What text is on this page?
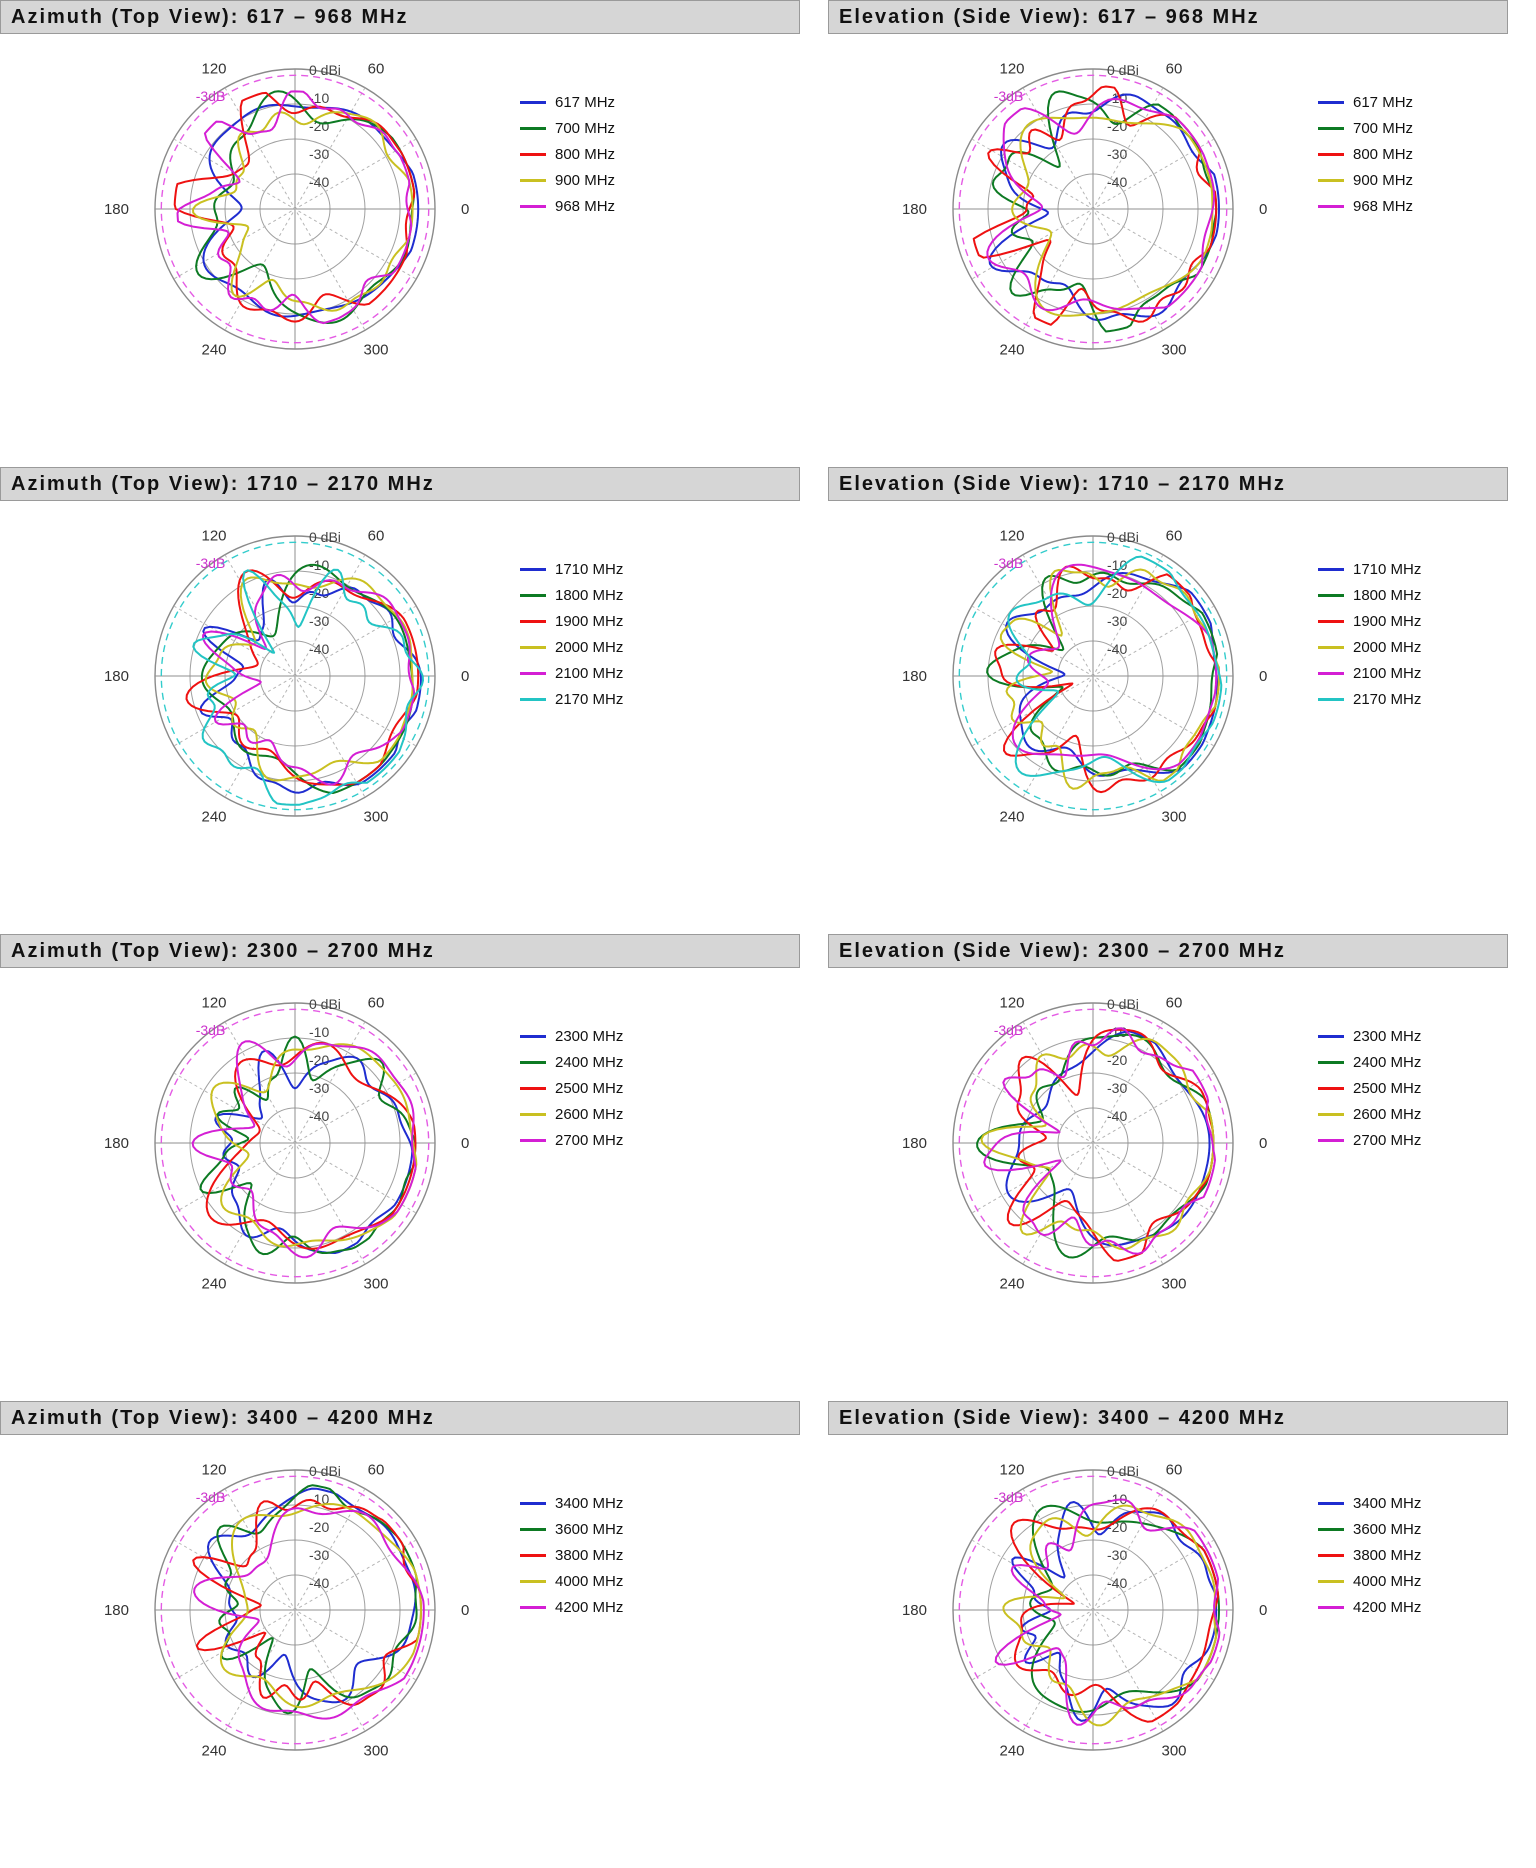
Azimuth (Top View): 617 – 968 MHz
0
60
120
180
240	300
0 dBi
-10
-20
-30
-40
-3dB	617 MHz
700 MHz
800 MHz
900 MHz
968 MHz
Elevation (Side View): 617 – 968 MHz
0
60
120
180
240	300
0 dBi
-10
-20
-30
-40
-3dB	617 MHz
700 MHz
800 MHz
900 MHz
968 MHz
Azimuth (Top View): 1710 – 2170 MHz
0
60
120
180
240	300
0 dBi
-10
-20
-30
-40
-3dB	1710 MHz
1800 MHz
1900 MHz
2000 MHz
2100 MHz
2170 MHz
Elevation (Side View): 1710 – 2170 MHz
0
60
120
180
240	300
0 dBi
-10
-20
-30
-40
-3dB	1710 MHz
1800 MHz
1900 MHz
2000 MHz
2100 MHz
2170 MHz
Azimuth (Top View): 2300 – 2700 MHz
0
60
120
180
240	300
0 dBi
-10
-20
-30
-40
-3dB	2300 MHz
2400 MHz
2500 MHz
2600 MHz
2700 MHz
Elevation (Side View): 2300 – 2700 MHz
0
60
120
180
240	300
0 dBi
-10
-20
-30
-40
-3dB	2300 MHz
2400 MHz
2500 MHz
2600 MHz
2700 MHz
Azimuth (Top View): 3400 – 4200 MHz
0
60
120
180
240	300
0 dBi
-10
-20
-30
-40
-3dB	3400 MHz
3600 MHz
3800 MHz
4000 MHz
4200 MHz
Elevation (Side View): 3400 – 4200 MHz
0
60
120
180
240	300
0 dBi
-10
-20
-30
-40
-3dB	3400 MHz
3600 MHz
3800 MHz
4000 MHz
4200 MHz
